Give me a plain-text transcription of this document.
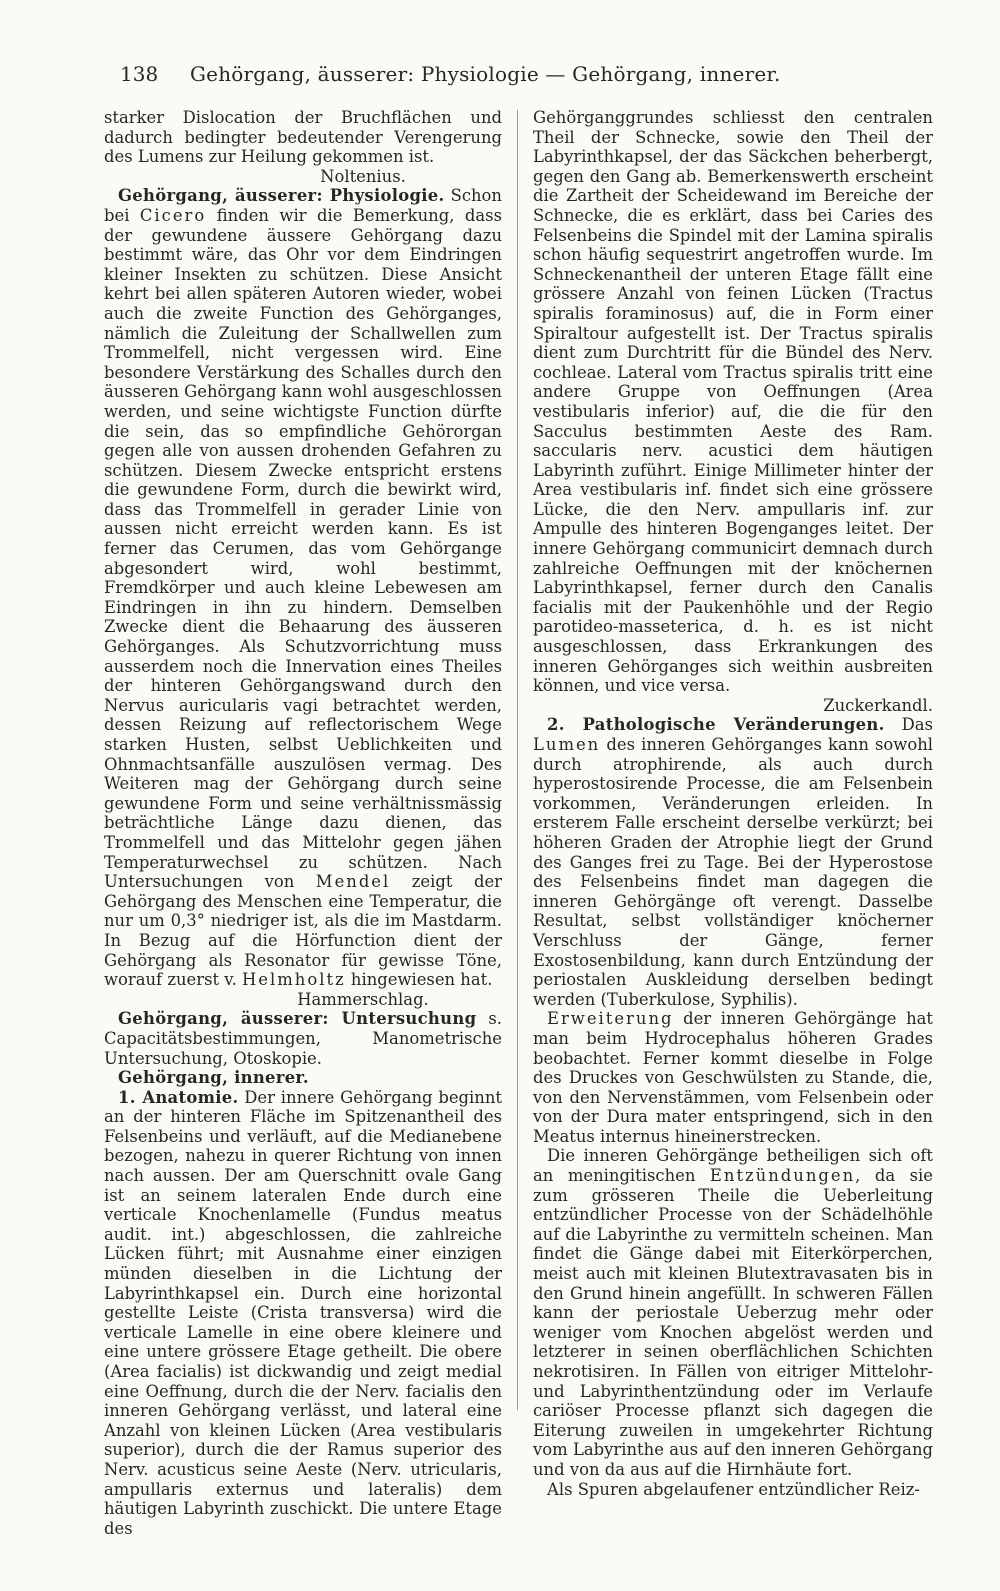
138	Gehörgang, äusserer: Physiologie — Gehörgang, innerer.

starker Dislocation der Bruchflächen und dadurch bedingter bedeutender Verengerung des Lumens zur Heilung gekommen ist.

Noltenius.

Gehörgang, äusserer: Physiologie. Schon bei Cicero finden wir die Bemerkung, dass der gewundene äussere Gehörgang dazu bestimmt wäre, das Ohr vor dem Eindringen kleiner Insekten zu schützen. Diese Ansicht kehrt bei allen späteren Autoren wieder, wobei auch die zweite Function des Gehörganges, nämlich die Zuleitung der Schallwellen zum Trommelfell, nicht vergessen wird. Eine besondere Verstärkung des Schalles durch den äusseren Gehörgang kann wohl ausgeschlossen werden, und seine wichtigste Function dürfte die sein, das so empfindliche Gehörorgan gegen alle von aussen drohenden Gefahren zu schützen. Diesem Zwecke entspricht erstens die gewundene Form, durch die bewirkt wird, dass das Trommelfell in gerader Linie von aussen nicht erreicht werden kann. Es ist ferner das Cerumen, das vom Gehörgange abgesondert wird, wohl bestimmt, Fremdkörper und auch kleine Lebewesen am Eindringen in ihn zu hindern. Demselben Zwecke dient die Behaarung des äusseren Gehörganges. Als Schutzvorrichtung muss ausserdem noch die Innervation eines Theiles der hinteren Gehörgangswand durch den Nervus auricularis vagi betrachtet werden, dessen Reizung auf reflectorischem Wege starken Husten, selbst Ueblichkeiten und Ohnmachtsanfälle auszulösen vermag. Des Weiteren mag der Gehörgang durch seine gewundene Form und seine verhältnissmässig beträchtliche Länge dazu dienen, das Trommelfell und das Mittelohr gegen jähen Temperaturwechsel zu schützen. Nach Untersuchungen von Mendel zeigt der Gehörgang des Menschen eine Temperatur, die nur um 0,3° niedriger ist, als die im Mastdarm. In Bezug auf die Hörfunction dient der Gehörgang als Resonator für gewisse Töne, worauf zuerst v. Helmholtz hingewiesen hat.

Hammerschlag.

Gehörgang, äusserer: Untersuchung s. Capacitätsbestimmungen, Manometrische Untersuchung, Otoskopie.

Gehörgang, innerer.

1. Anatomie. Der innere Gehörgang beginnt an der hinteren Fläche im Spitzenantheil des Felsenbeins und verläuft, auf die Medianebene bezogen, nahezu in querer Richtung von innen nach aussen. Der am Querschnitt ovale Gang ist an seinem lateralen Ende durch eine verticale Knochenlamelle (Fundus meatus audit. int.) abgeschlossen, die zahlreiche Lücken führt; mit Ausnahme einer einzigen münden dieselben in die Lichtung der Labyrinthkapsel ein. Durch eine horizontal gestellte Leiste (Crista transversa) wird die verticale Lamelle in eine obere kleinere und eine untere grössere Etage getheilt. Die obere (Area facialis) ist dickwandig und zeigt medial eine Oeffnung, durch die der Nerv. facialis den inneren Gehörgang verlässt, und lateral eine Anzahl von kleinen Lücken (Area vestibularis superior), durch die der Ramus superior des Nerv. acusticus seine Aeste (Nerv. utricularis, ampullaris externus und lateralis) dem häutigen Labyrinth zuschickt. Die untere Etage des

Gehörganggrundes schliesst den centralen Theil der Schnecke, sowie den Theil der Labyrinthkapsel, der das Säckchen beherbergt, gegen den Gang ab. Bemerkenswerth erscheint die Zartheit der Scheidewand im Bereiche der Schnecke, die es erklärt, dass bei Caries des Felsenbeins die Spindel mit der Lamina spiralis schon häufig sequestrirt angetroffen wurde. Im Schneckenantheil der unteren Etage fällt eine grössere Anzahl von feinen Lücken (Tractus spiralis foraminosus) auf, die in Form einer Spiraltour aufgestellt ist. Der Tractus spiralis dient zum Durchtritt für die Bündel des Nerv. cochleae. Lateral vom Tractus spiralis tritt eine andere Gruppe von Oeffnungen (Area vestibularis inferior) auf, die die für den Sacculus bestimmten Aeste des Ram. saccularis nerv. acustici dem häutigen Labyrinth zuführt. Einige Millimeter hinter der Area vestibularis inf. findet sich eine grössere Lücke, die den Nerv. ampullaris inf. zur Ampulle des hinteren Bogenganges leitet. Der innere Gehörgang communicirt demnach durch zahlreiche Oeffnungen mit der knöchernen Labyrinthkapsel, ferner durch den Canalis facialis mit der Paukenhöhle und der Regio parotideo-masseterica, d. h. es ist nicht ausgeschlossen, dass Erkrankungen des inneren Gehörganges sich weithin ausbreiten können, und vice versa.

Zuckerkandl.

2. Pathologische Veränderungen. Das Lumen des inneren Gehörganges kann sowohl durch atrophirende, als auch durch hyperostosirende Processe, die am Felsenbein vorkommen, Veränderungen erleiden. In ersterem Falle erscheint derselbe verkürzt; bei höheren Graden der Atrophie liegt der Grund des Ganges frei zu Tage. Bei der Hyperostose des Felsenbeins findet man dagegen die inneren Gehörgänge oft verengt. Dasselbe Resultat, selbst vollständiger knöcherner Verschluss der Gänge, ferner Exostosenbildung, kann durch Entzündung der periostalen Auskleidung derselben bedingt werden (Tuberkulose, Syphilis).

Erweiterung der inneren Gehörgänge hat man beim Hydrocephalus höheren Grades beobachtet. Ferner kommt dieselbe in Folge des Druckes von Geschwülsten zu Stande, die, von den Nervenstämmen, vom Felsenbein oder von der Dura mater entspringend, sich in den Meatus internus hineinerstrecken.

Die inneren Gehörgänge betheiligen sich oft an meningitischen Entzündungen, da sie zum grösseren Theile die Ueberleitung entzündlicher Processe von der Schädelhöhle auf die Labyrinthe zu vermitteln scheinen. Man findet die Gänge dabei mit Eiterkörperchen, meist auch mit kleinen Blutextravasaten bis in den Grund hinein angefüllt. In schweren Fällen kann der periostale Ueberzug mehr oder weniger vom Knochen abgelöst werden und letzterer in seinen oberflächlichen Schichten nekrotisiren. In Fällen von eitriger Mittelohr- und Labyrinthentzündung oder im Verlaufe cariöser Processe pflanzt sich dagegen die Eiterung zuweilen in umgekehrter Richtung vom Labyrinthe aus auf den inneren Gehörgang und von da aus auf die Hirnhäute fort.

Als Spuren abgelaufener entzündlicher Reiz-
